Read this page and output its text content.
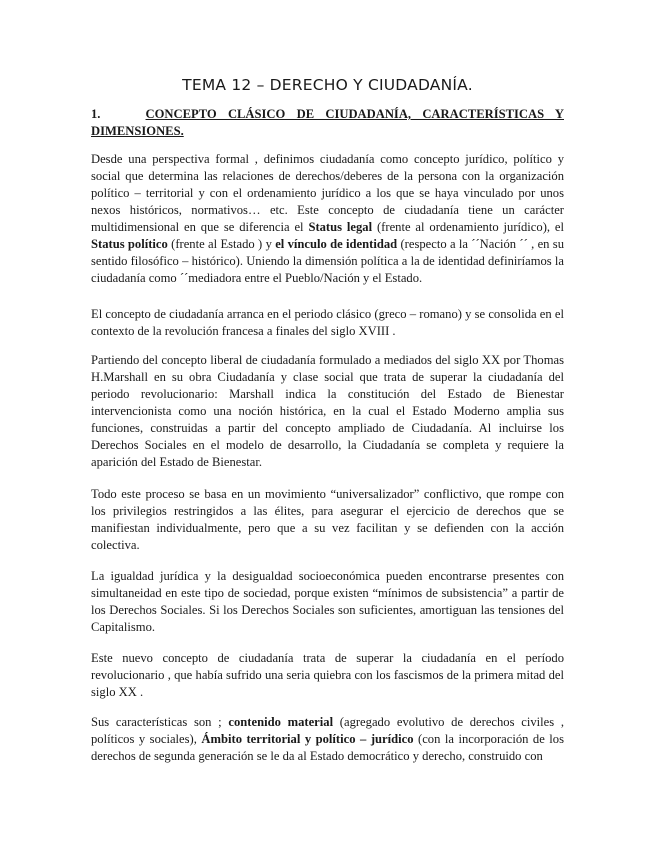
TEMA 12 – DERECHO Y CIUDADANÍA.

1.	CONCEPTO CLÁSICO DE CIUDADANÍA, CARACTERÍSTICAS Y DIMENSIONES.

Desde una perspectiva formal , definimos ciudadanía como concepto jurídico, político y social que determina las relaciones de derechos/deberes de la persona con la organización político – territorial y con el ordenamiento jurídico a los que se haya vinculado por unos nexos históricos, normativos… etc. Este concepto de ciudadanía tiene un carácter multidimensional en que se diferencia el Status legal (frente al ordenamiento jurídico), el Status político (frente al Estado ) y el vínculo de identidad (respecto a la ´´Nación ´´ , en su sentido filosófico – histórico). Uniendo la dimensión política a la de identidad definiríamos la ciudadanía como ´´mediadora entre el Pueblo/Nación y el Estado.

El concepto de ciudadanía arranca en el periodo clásico (greco – romano) y se consolida en el contexto de la revolución francesa a finales del siglo XVIII .

Partiendo del concepto liberal de ciudadanía formulado a mediados del siglo XX por Thomas H.Marshall en su obra Ciudadanía y clase social que trata de superar la ciudadanía del periodo revolucionario: Marshall indica la constitución del Estado de Bienestar intervencionista como una noción histórica, en la cual el Estado Moderno amplia sus funciones, construidas a partir del concepto ampliado de Ciudadanía. Al incluirse los Derechos Sociales en el modelo de desarrollo, la Ciudadanía se completa y requiere la aparición del Estado de Bienestar.

Todo este proceso se basa en un movimiento “universalizador” conflictivo, que rompe con los privilegios restringidos a las élites, para asegurar el ejercicio de derechos que se manifiestan individualmente, pero que a su vez facilitan y se defienden con la acción colectiva.

La igualdad jurídica y la desigualdad socioeconómica pueden encontrarse presentes con simultaneidad en este tipo de sociedad, porque existen “mínimos de subsistencia” a partir de los Derechos Sociales. Si los Derechos Sociales son suficientes, amortiguan las tensiones del Capitalismo.

Este nuevo concepto de ciudadanía trata de superar la ciudadanía en el período revolucionario , que había sufrido una seria quiebra con los fascismos de la primera mitad del siglo XX .

Sus características son ; contenido material (agregado evolutivo de derechos civiles , políticos y sociales), Ámbito territorial y político – jurídico (con la incorporación de los derechos de segunda generación se le da al Estado democrático y derecho, construido con
